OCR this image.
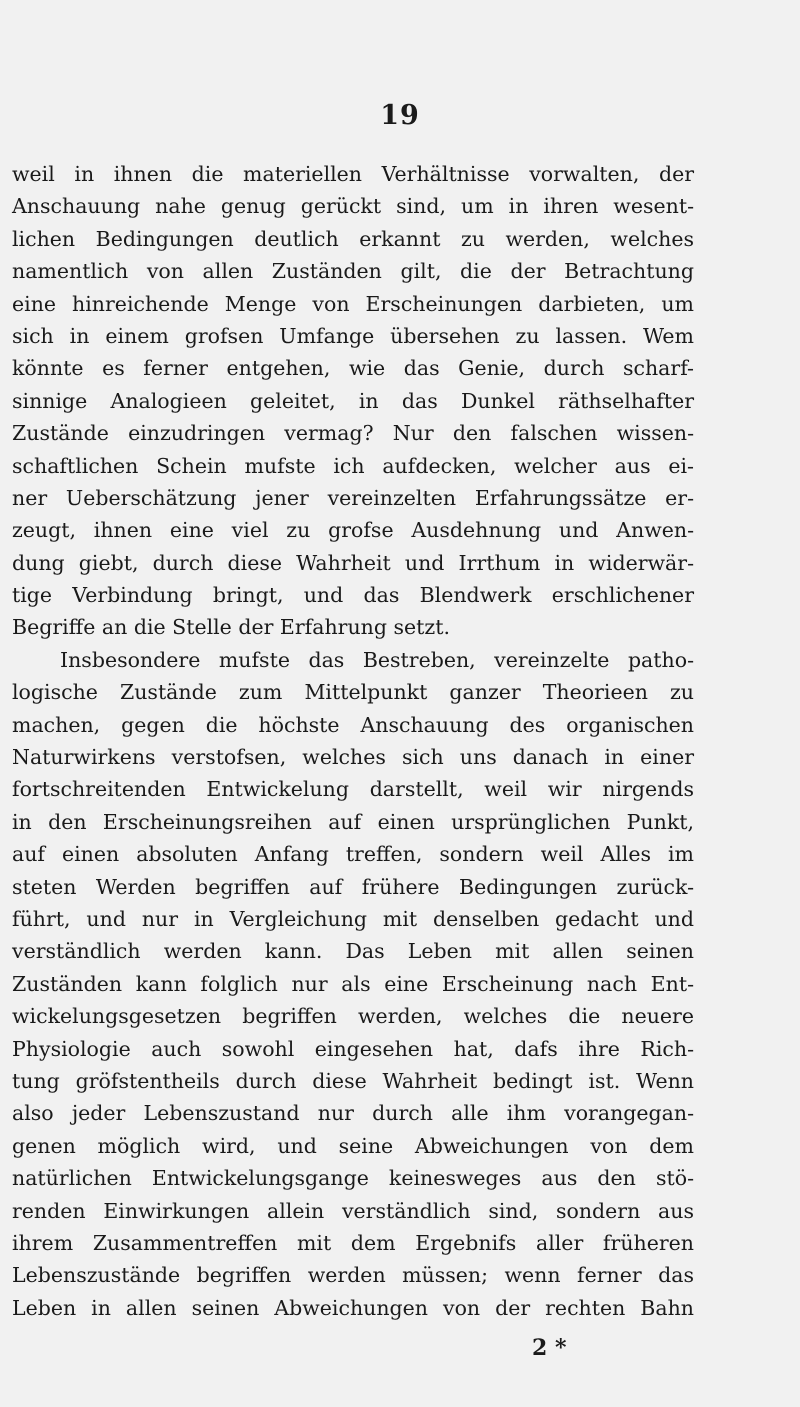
19
weil in ihnen die materiellen Verhältnisse vorwalten, der
Anschauung nahe genug gerückt sind, um in ihren wesent-
lichen Bedingungen deutlich erkannt zu werden, welches
namentlich von allen Zuständen gilt, die der Betrachtung
eine hinreichende Menge von Erscheinungen darbieten, um
sich in einem grofsen Umfange übersehen zu lassen. Wem
könnte es ferner entgehen, wie das Genie, durch scharf-
sinnige Analogieen geleitet, in das Dunkel räthselhafter
Zustände einzudringen vermag? Nur den falschen wissen-
schaftlichen Schein mufste ich aufdecken, welcher aus ei-
ner Ueberschätzung jener vereinzelten Erfahrungssätze er-
zeugt, ihnen eine viel zu grofse Ausdehnung und Anwen-
dung giebt, durch diese Wahrheit und Irrthum in widerwär-
tige Verbindung bringt, und das Blendwerk erschlichener
Begriffe an die Stelle der Erfahrung setzt.
Insbesondere mufste das Bestreben, vereinzelte patho-
logische Zustände zum Mittelpunkt ganzer Theorieen zu
machen, gegen die höchste Anschauung des organischen
Naturwirkens verstofsen, welches sich uns danach in einer
fortschreitenden Entwickelung darstellt, weil wir nirgends
in den Erscheinungsreihen auf einen ursprünglichen Punkt,
auf einen absoluten Anfang treffen, sondern weil Alles im
steten Werden begriffen auf frühere Bedingungen zurück-
führt, und nur in Vergleichung mit denselben gedacht und
verständlich werden kann. Das Leben mit allen seinen
Zuständen kann folglich nur als eine Erscheinung nach Ent-
wickelungsgesetzen begriffen werden, welches die neuere
Physiologie auch sowohl eingesehen hat, dafs ihre Rich-
tung gröfstentheils durch diese Wahrheit bedingt ist. Wenn
also jeder Lebenszustand nur durch alle ihm vorangegan-
genen möglich wird, und seine Abweichungen von dem
natürlichen Entwickelungsgange keinesweges aus den stö-
renden Einwirkungen allein verständlich sind, sondern aus
ihrem Zusammentreffen mit dem Ergebnifs aller früheren
Lebenszustände begriffen werden müssen; wenn ferner das
Leben in allen seinen Abweichungen von der rechten Bahn
2 *
